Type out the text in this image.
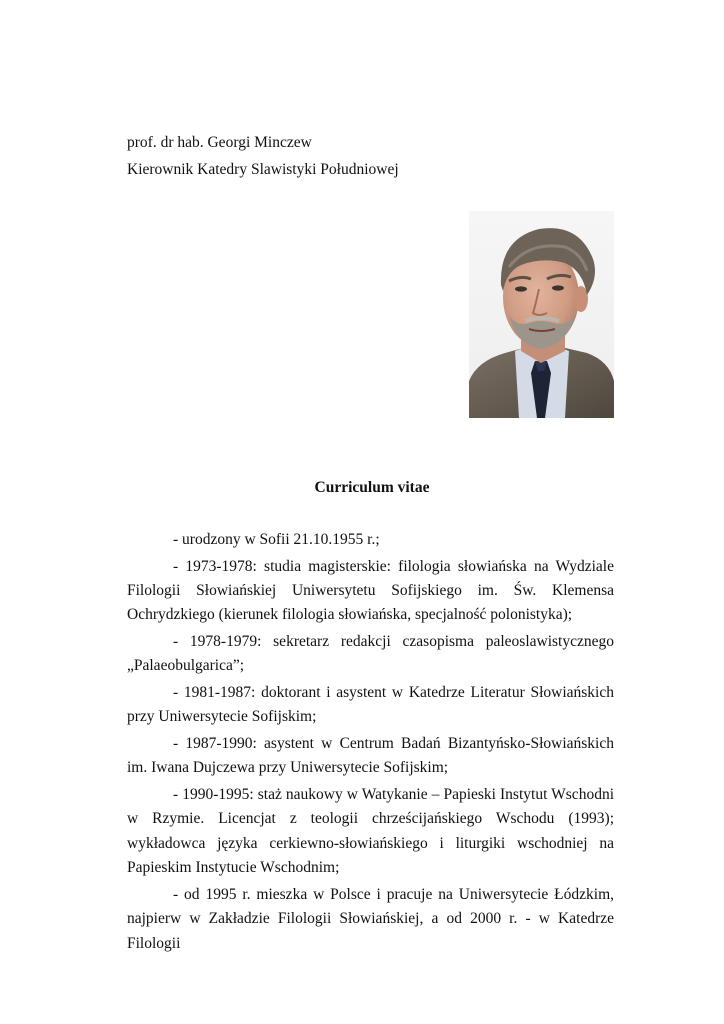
prof. dr hab. Georgi Minczew
Kierownik Katedry Slawistyki Południowej
Curriculum vitae

- urodzony w Sofii 21.10.1955 r.;

- 1973-1978: studia magisterskie: filologia słowiańska na Wydziale Filologii Słowiańskiej Uniwersytetu Sofijskiego im. Św. Klemensa Ochrydzkiego (kierunek filologia słowiańska, specjalność polonistyka);

- 1978-1979: sekretarz redakcji czasopisma paleoslawistycznego „Palaeobulgarica”;

- 1981-1987: doktorant i asystent w Katedrze Literatur Słowiańskich przy Uniwersytecie Sofijskim;

- 1987-1990: asystent w Centrum Badań Bizantyńsko-Słowiańskich im. Iwana Dujczewa przy Uniwersytecie Sofijskim;

- 1990-1995: staż naukowy w Watykanie – Papieski Instytut Wschodni w Rzymie. Licencjat z teologii chrześcijańskiego Wschodu (1993); wykładowca języka cerkiewno-słowiańskiego i liturgiki wschodniej na Papieskim Instytucie Wschodnim;

- od 1995 r. mieszka w Polsce i pracuje na Uniwersytecie Łódzkim, najpierw w Zakładzie Filologii Słowiańskiej, a od 2000 r. - w Katedrze Filologii
